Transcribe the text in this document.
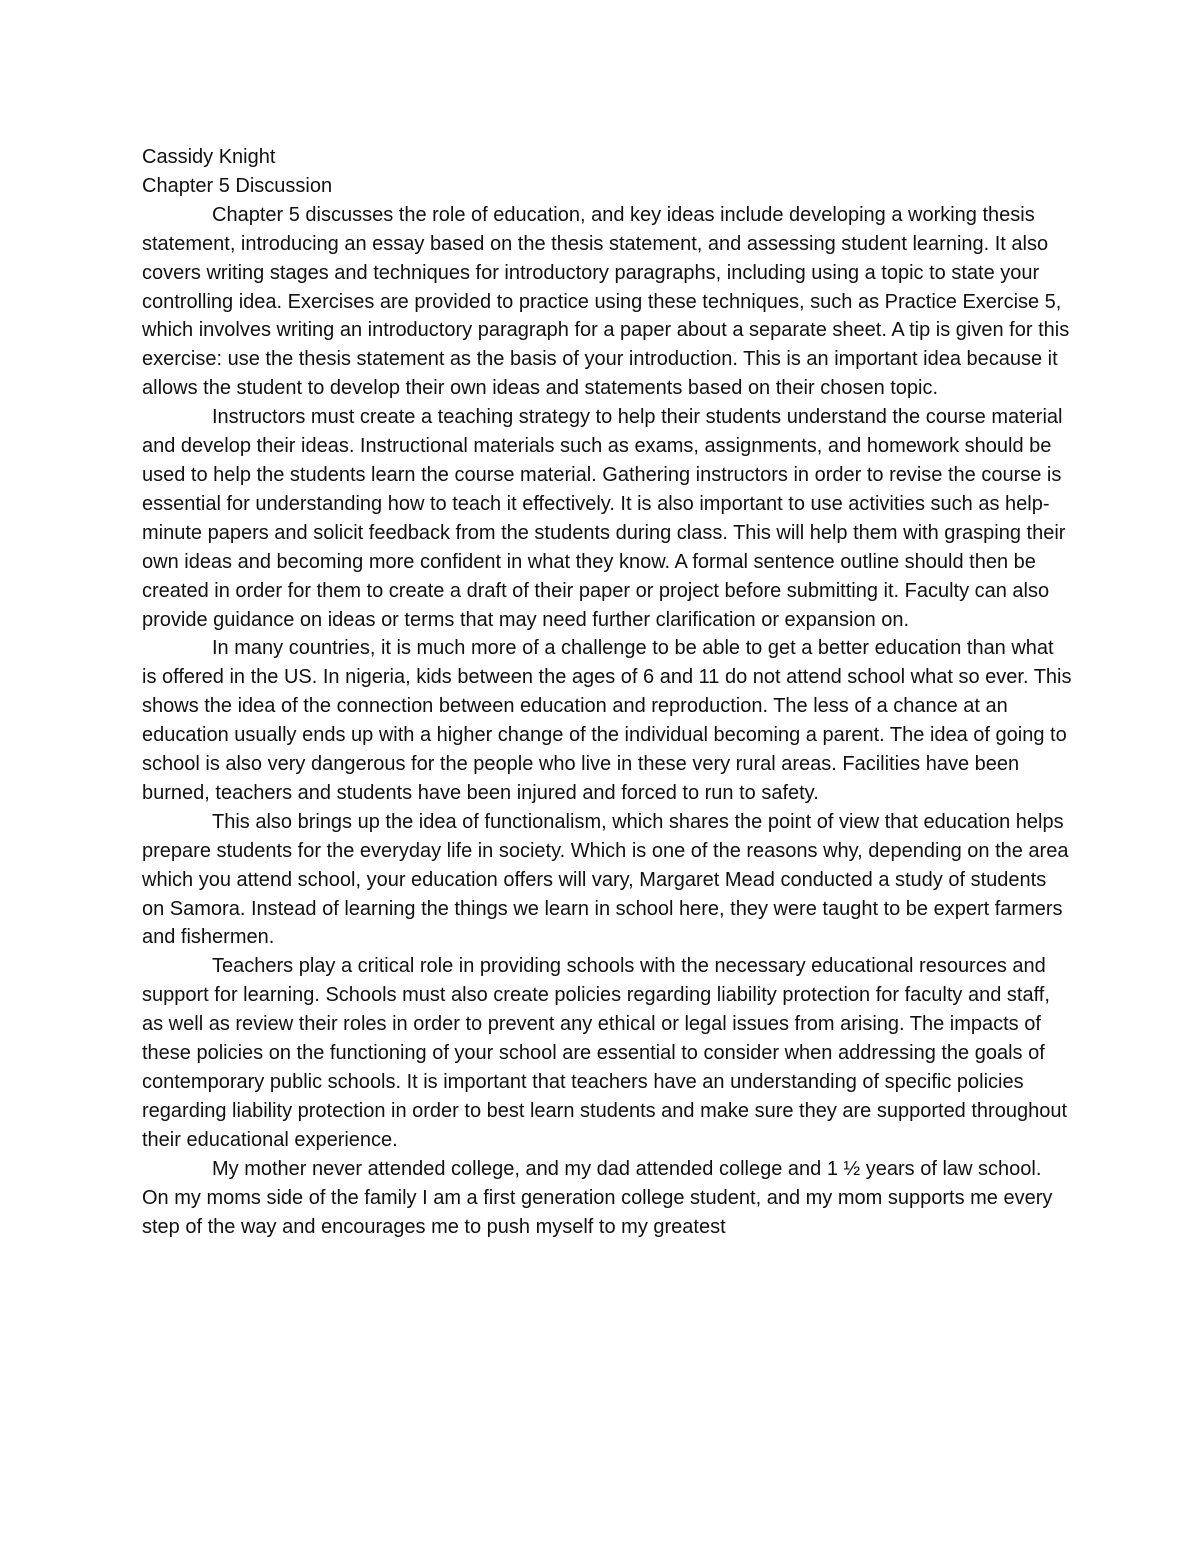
Cassidy Knight

Chapter 5 Discussion

Chapter 5 discusses the role of education, and key ideas include developing a working thesis statement, introducing an essay based on the thesis statement, and assessing student learning. It also covers writing stages and techniques for introductory paragraphs, including using a topic to state your controlling idea. Exercises are provided to practice using these techniques, such as Practice Exercise 5, which involves writing an introductory paragraph for a paper about a separate sheet. A tip is given for this exercise: use the thesis statement as the basis of your introduction. This is an important idea because it allows the student to develop their own ideas and statements based on their chosen topic.

Instructors must create a teaching strategy to help their students understand the course material and develop their ideas. Instructional materials such as exams, assignments, and homework should be used to help the students learn the course material. Gathering instructors in order to revise the course is essential for understanding how to teach it effectively. It is also important to use activities such as help-minute papers and solicit feedback from the students during class. This will help them with grasping their own ideas and becoming more confident in what they know. A formal sentence outline should then be created in order for them to create a draft of their paper or project before submitting it. Faculty can also provide guidance on ideas or terms that may need further clarification or expansion on.

In many countries, it is much more of a challenge to be able to get a better education than what is offered in the US. In nigeria, kids between the ages of 6 and 11 do not attend school what so ever. This shows the idea of the connection between education and reproduction. The less of a chance at an education usually ends up with a higher change of the individual becoming a parent. The idea of going to school is also very dangerous for the people who live in these very rural areas. Facilities have been burned, teachers and students have been injured and forced to run to safety.

This also brings up the idea of functionalism, which shares the point of view that education helps prepare students for the everyday life in society. Which is one of the reasons why, depending on the area which you attend school, your education offers will vary, Margaret Mead conducted a study of students on Samora. Instead of learning the things we learn in school here, they were taught to be expert farmers and fishermen.

Teachers play a critical role in providing schools with the necessary educational resources and support for learning. Schools must also create policies regarding liability protection for faculty and staff, as well as review their roles in order to prevent any ethical or legal issues from arising. The impacts of these policies on the functioning of your school are essential to consider when addressing the goals of contemporary public schools. It is important that teachers have an understanding of specific policies regarding liability protection in order to best learn students and make sure they are supported throughout their educational experience.

My mother never attended college, and my dad attended college and 1 ½ years of law school. On my moms side of the family I am a first generation college student, and my mom supports me every step of the way and encourages me to push myself to my greatest
